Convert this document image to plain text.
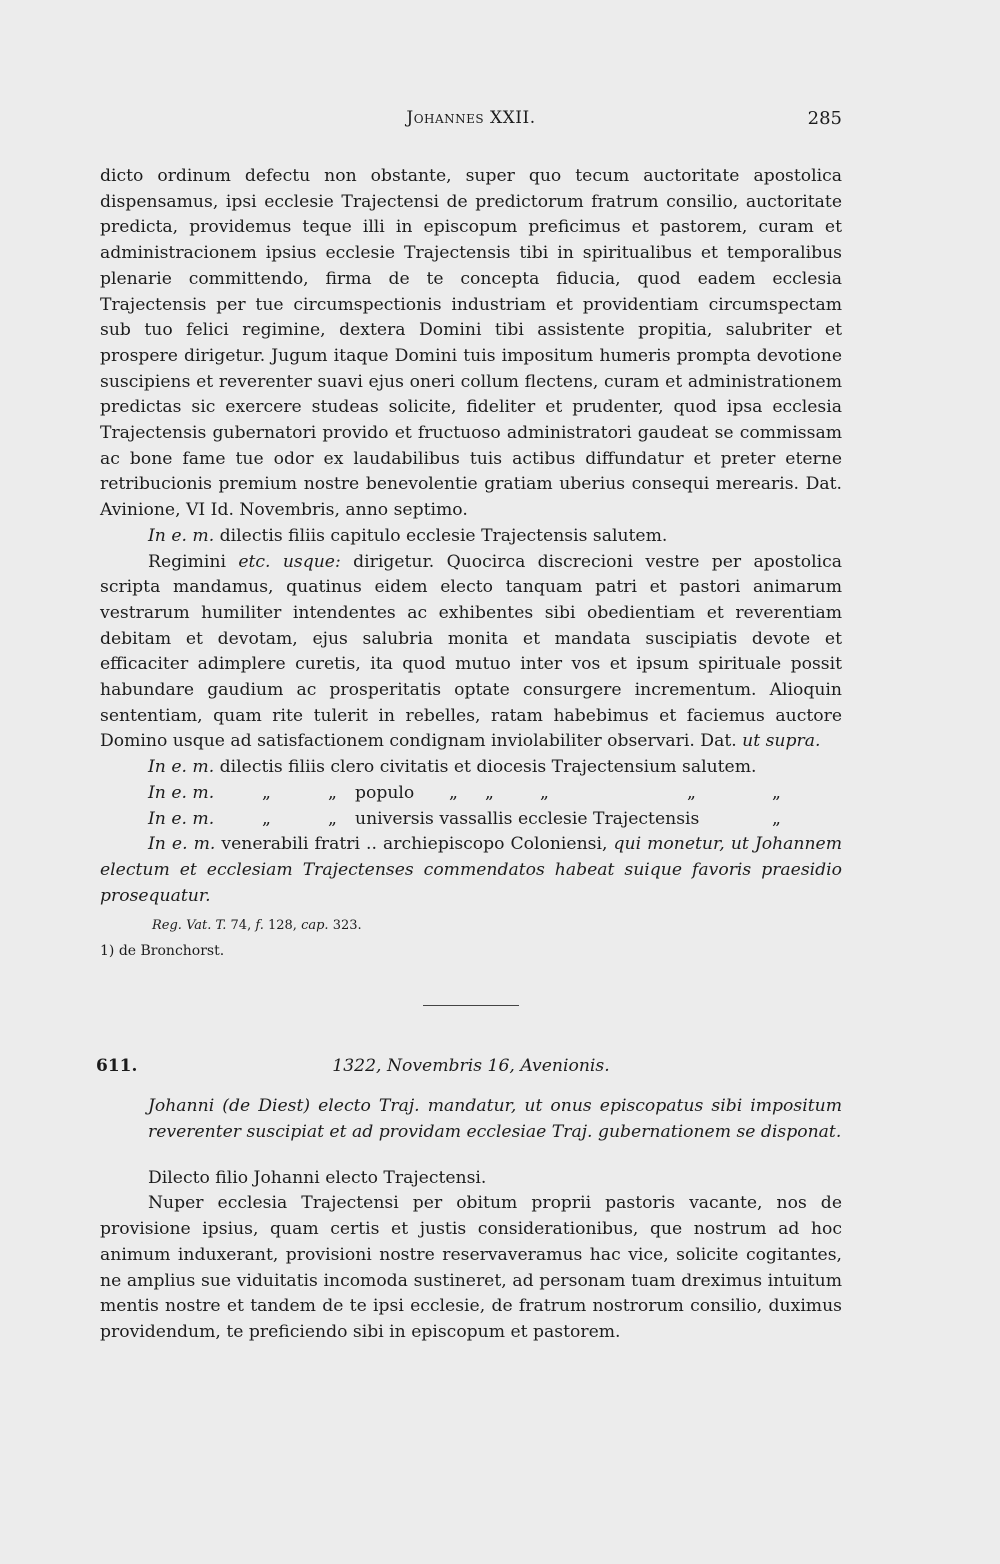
Johannes XXII.	285

dicto ordinum defectu non obstante, super quo tecum auctoritate apostolica dispensamus, ipsi ecclesie Trajectensi de predictorum fratrum consilio, auctoritate predicta, providemus teque illi in episcopum preficimus et pastorem, curam et administracionem ipsius ecclesie Trajectensis tibi in spiritualibus et temporalibus plenarie committendo, firma de te concepta fiducia, quod eadem ecclesia Trajectensis per tue circumspectionis industriam et providentiam circumspectam sub tuo felici regimine, dextera Domini tibi assistente propitia, salubriter et prospere dirigetur. Jugum itaque Domini tuis impositum humeris prompta devotione suscipiens et reverenter suavi ejus oneri collum flectens, curam et administrationem predictas sic exercere studeas solicite, fideliter et prudenter, quod ipsa ecclesia Trajectensis gubernatori provido et fructuoso administratori gaudeat se commissam ac bone fame tue odor ex laudabilibus tuis actibus diffundatur et preter eterne retribucionis premium nostre benevolentie gratiam uberius consequi merearis. Dat. Avinione, VI Id. Novembris, anno septimo.

In e. m. dilectis filiis capitulo ecclesie Trajectensis salutem.

Regimini etc. usque: dirigetur. Quocirca discrecioni vestre per apostolica scripta mandamus, quatinus eidem electo tanquam patri et pastori animarum vestrarum humiliter intendentes ac exhibentes sibi obedientiam et reverentiam debitam et devotam, ejus salubria monita et mandata suscipiatis devote et efficaciter adimplere curetis, ita quod mutuo inter vos et ipsum spirituale possit habundare gaudium ac prosperitatis optate consurgere incrementum. Alioquin sententiam, quam rite tulerit in rebelles, ratam habebimus et faciemus auctore Domino usque ad satisfactionem condignam inviolabiliter observari. Dat. ut supra.

In e. m. dilectis filiis clero civitatis et diocesis Trajectensium salutem.

In e. m.	„	„ populo „ „	„	„	„
In e. m.	„	„ universis vassallis ecclesie Trajectensis	„

In e. m. venerabili fratri .. archiepiscopo Coloniensi, qui monetur, ut Johannem electum et ecclesiam Trajectenses commendatos habeat suique favoris praesidio prosequatur.

Reg. Vat. T. 74, f. 128, cap. 323.
1) de Bronchorst.
611.	1322, Novembris 16, Avenionis.

Johanni (de Diest) electo Traj. mandatur, ut onus episcopatus sibi impositum reverenter suscipiat et ad providam ecclesiae Traj. gubernationem se disponat.

Dilecto filio Johanni electo Trajectensi.

Nuper ecclesia Trajectensi per obitum proprii pastoris vacante, nos de provisione ipsius, quam certis et justis considerationibus, que nostrum ad hoc animum induxerant, provisioni nostre reservaveramus hac vice, solicite cogitantes, ne amplius sue viduitatis incomoda sustineret, ad personam tuam dreximus intuitum mentis nostre et tandem de te ipsi ecclesie, de fratrum nostrorum consilio, duximus providendum, te preficiendo sibi in episcopum et pastorem.
